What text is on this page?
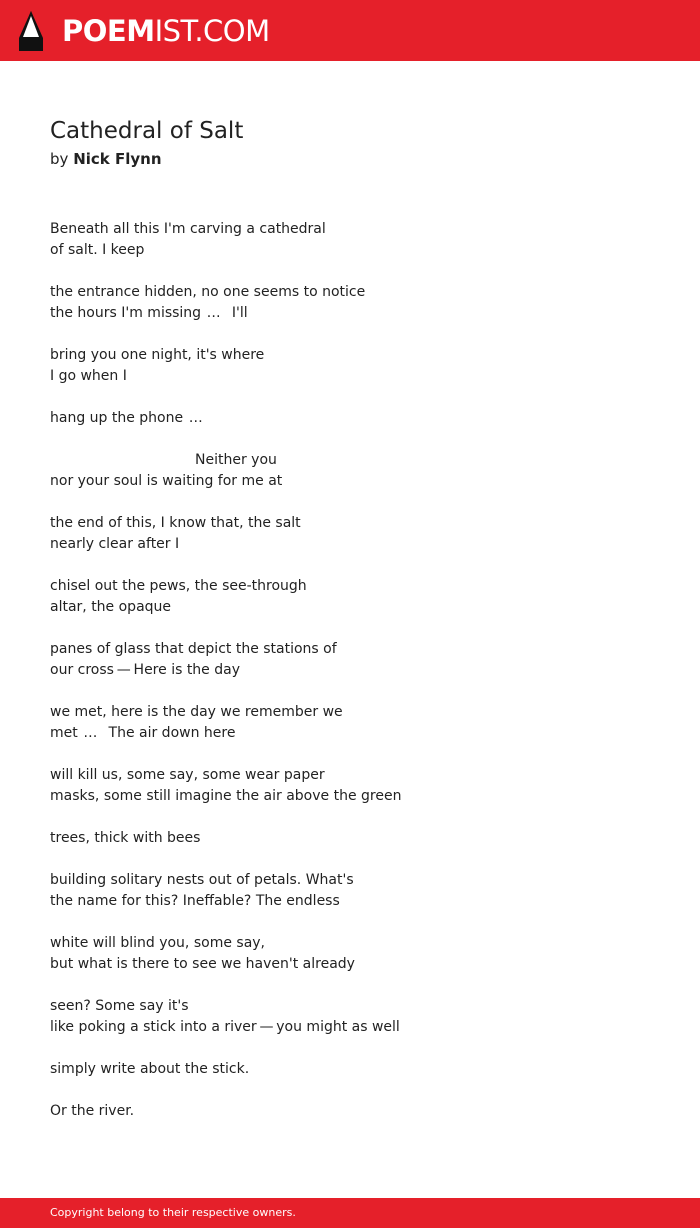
POEMIST.COM
Cathedral of Salt
by Nick Flynn

Beneath all this I'm carving a cathedral
of salt. I keep

the entrance hidden, no one seems to notice
the hours I'm missing  …    I'll

bring you one night, it's where
I go when I

hang up the phone  …    

Neither you
nor your soul is waiting for me at

the end of this, I know that, the salt
nearly clear after I

chisel out the pews, the see-through
altar, the opaque

panes of glass that depict the stations of
our cross — Here is the day

we met, here is the day we remember we
met  …    The air down here

will kill us, some say, some wear paper
masks, some still imagine the air above the green

trees, thick with bees

building solitary nests out of petals. What's
the name for this? Ineffable? The endless

white will blind you, some say,
but what is there to see we haven't already

seen? Some say it's
like poking a stick into a river — you might as well

simply write about the stick.

Or the river.

Copyright belong to their respective owners.
